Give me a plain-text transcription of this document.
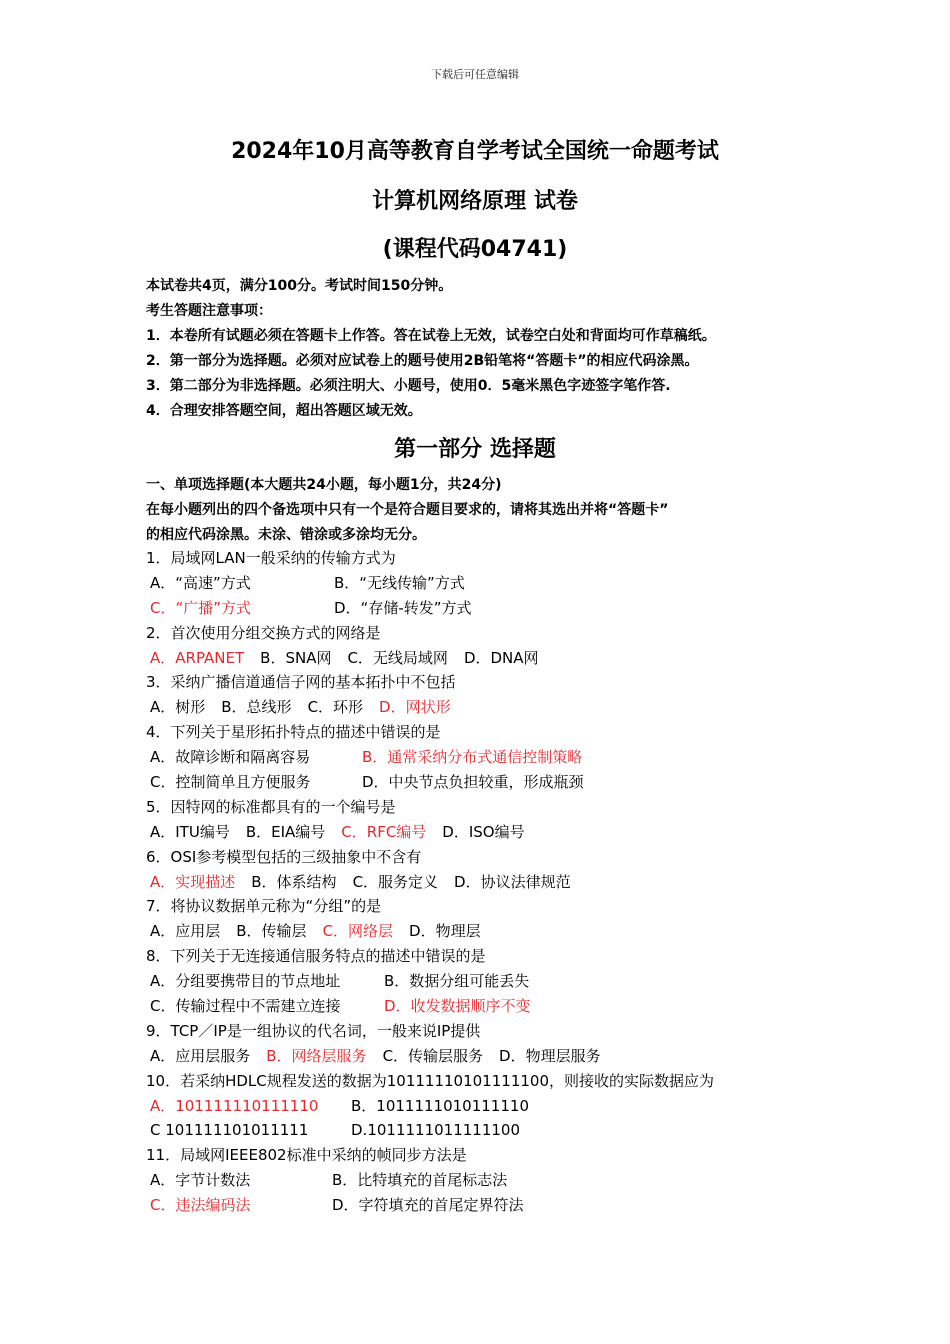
下载后可任意编辑
2024年10月高等教育自学考试全国统一命题考试
计算机网络原理 试卷
(课程代码04741)
本试卷共4页，满分100分。考试时间150分钟。
考生答题注意事项：
1．本卷所有试题必须在答题卡上作答。答在试卷上无效，试卷空白处和背面均可作草稿纸。
2．第一部分为选择题。必须对应试卷上的题号使用2B铅笔将“答题卡”的相应代码涂黑。
3．第二部分为非选择题。必须注明大、小题号，使用0．5毫米黑色字迹签字笔作答.
4．合理安排答题空间，超出答题区域无效。
第一部分 选择题
一、单项选择题(本大题共24小题，每小题1分，共24分)
在每小题列出的四个备选项中只有一个是符合题目要求的，请将其选出并将“答题卡”
的相应代码涂黑。未涂、错涂或多涂均无分。
1．局域网LAN一般采纳的传输方式为
A．“高速”方式	B．“无线传输”方式
C．“广播”方式	D．“存储-转发”方式
2．首次使用分组交换方式的网络是
A．ARPANET B．SNA网 C．无线局域网 D．DNA网
3．采纳广播信道通信子网的基本拓扑中不包括
A．树形 B．总线形 C．环形 D．网状形
4．下列关于星形拓扑特点的描述中错误的是
A．故障诊断和隔离容易	B．通常采纳分布式通信控制策略
C．控制简单且方便服务	D．中央节点负担较重，形成瓶颈
5．因特网的标准都具有的一个编号是
A．ITU编号 B．EIA编号 C．RFC编号 D．ISO编号
6．OSI参考模型包括的三级抽象中不含有
A．实现描述 B．体系结构 C．服务定义 D．协议法律规范
7．将协议数据单元称为“分组”的是
A．应用层 B．传输层 C．网络层 D．物理层
8．下列关于无连接通信服务特点的描述中错误的是
A．分组要携带目的节点地址	B．数据分组可能丢失
C．传输过程中不需建立连接	D．收发数据顺序不变
9．TCP／IP是一组协议的代名词，一般来说IP提供
A．应用层服务 B．网络层服务 C．传输层服务 D．物理层服务
10．若采纳HDLC规程发送的数据为10111110101111100，则接收的实际数据应为
A．101111110111110 B．1011111010111110
C 101111101011111	D.1011111011111100
11．局域网IEEE802标准中采纳的帧同步方法是
A．字节计数法	B．比特填充的首尾标志法
C．违法编码法	D．字符填充的首尾定界符法
